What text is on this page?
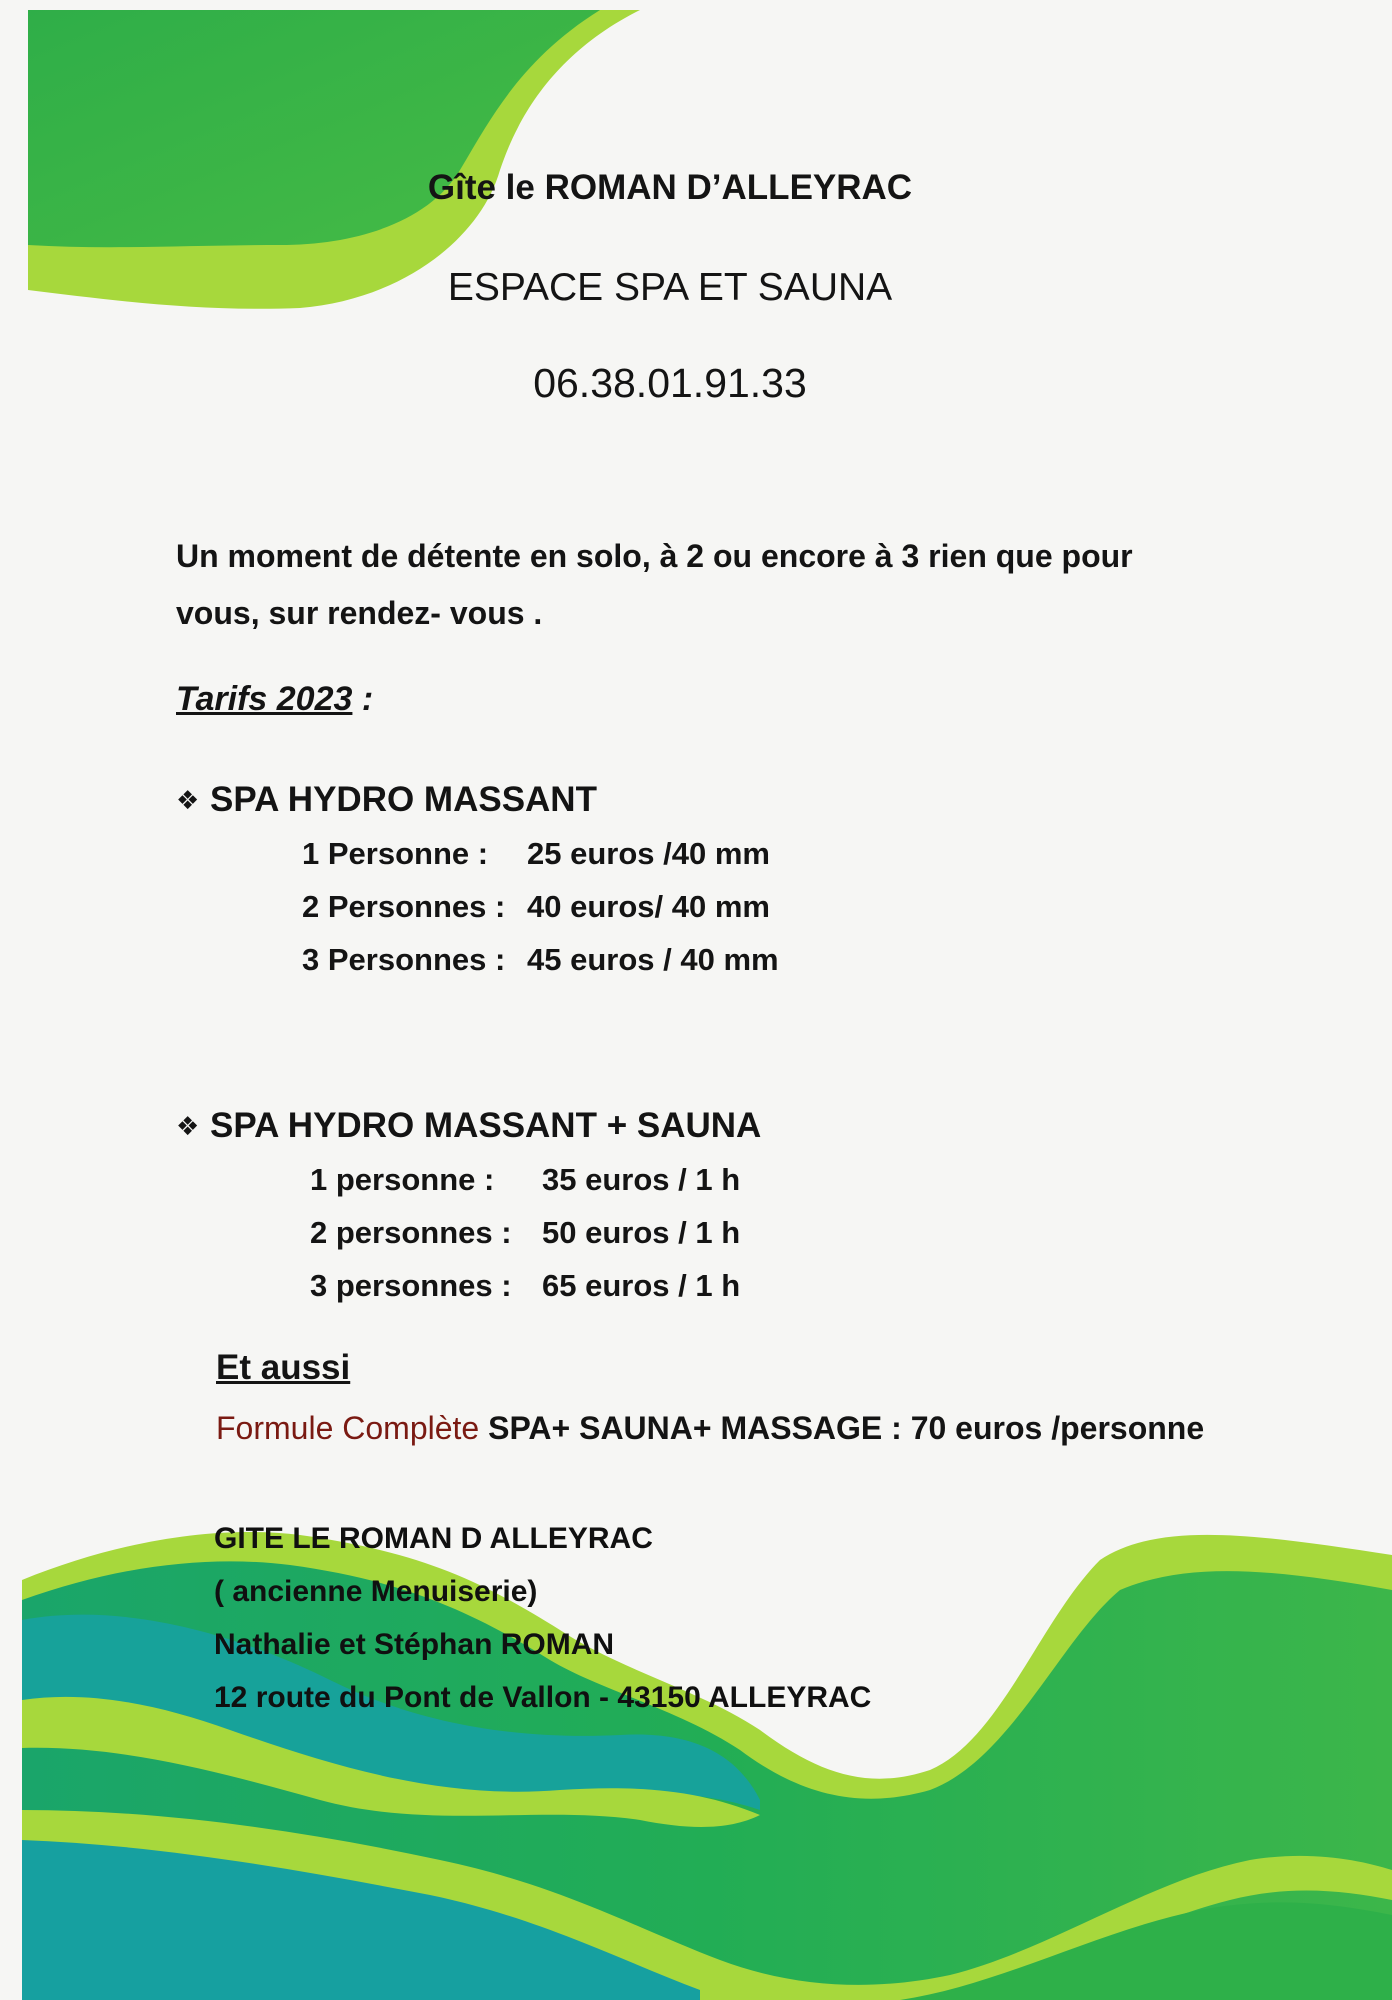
Gîte le ROMAN D’ALLEYRAC
ESPACE SPA ET SAUNA
06.38.01.91.33
Un moment de détente en solo, à 2 ou encore à 3 rien que pour
vous, sur rendez- vous .
Tarifs 2023 :
❖ SPA HYDRO MASSANT
1 Personne : 25 euros /40 mm
2 Personnes : 40 euros/ 40 mm
3 Personnes : 45 euros / 40 mm
❖ SPA HYDRO MASSANT + SAUNA
1 personne : 35 euros / 1 h
2 personnes : 50 euros / 1 h
3 personnes : 65 euros / 1 h
Et aussi
Formule Complète SPA+ SAUNA+ MASSAGE : 70 euros /personne
GITE LE ROMAN D ALLEYRAC
( ancienne Menuiserie)
Nathalie et Stéphan ROMAN
12 route du Pont de Vallon - 43150 ALLEYRAC
